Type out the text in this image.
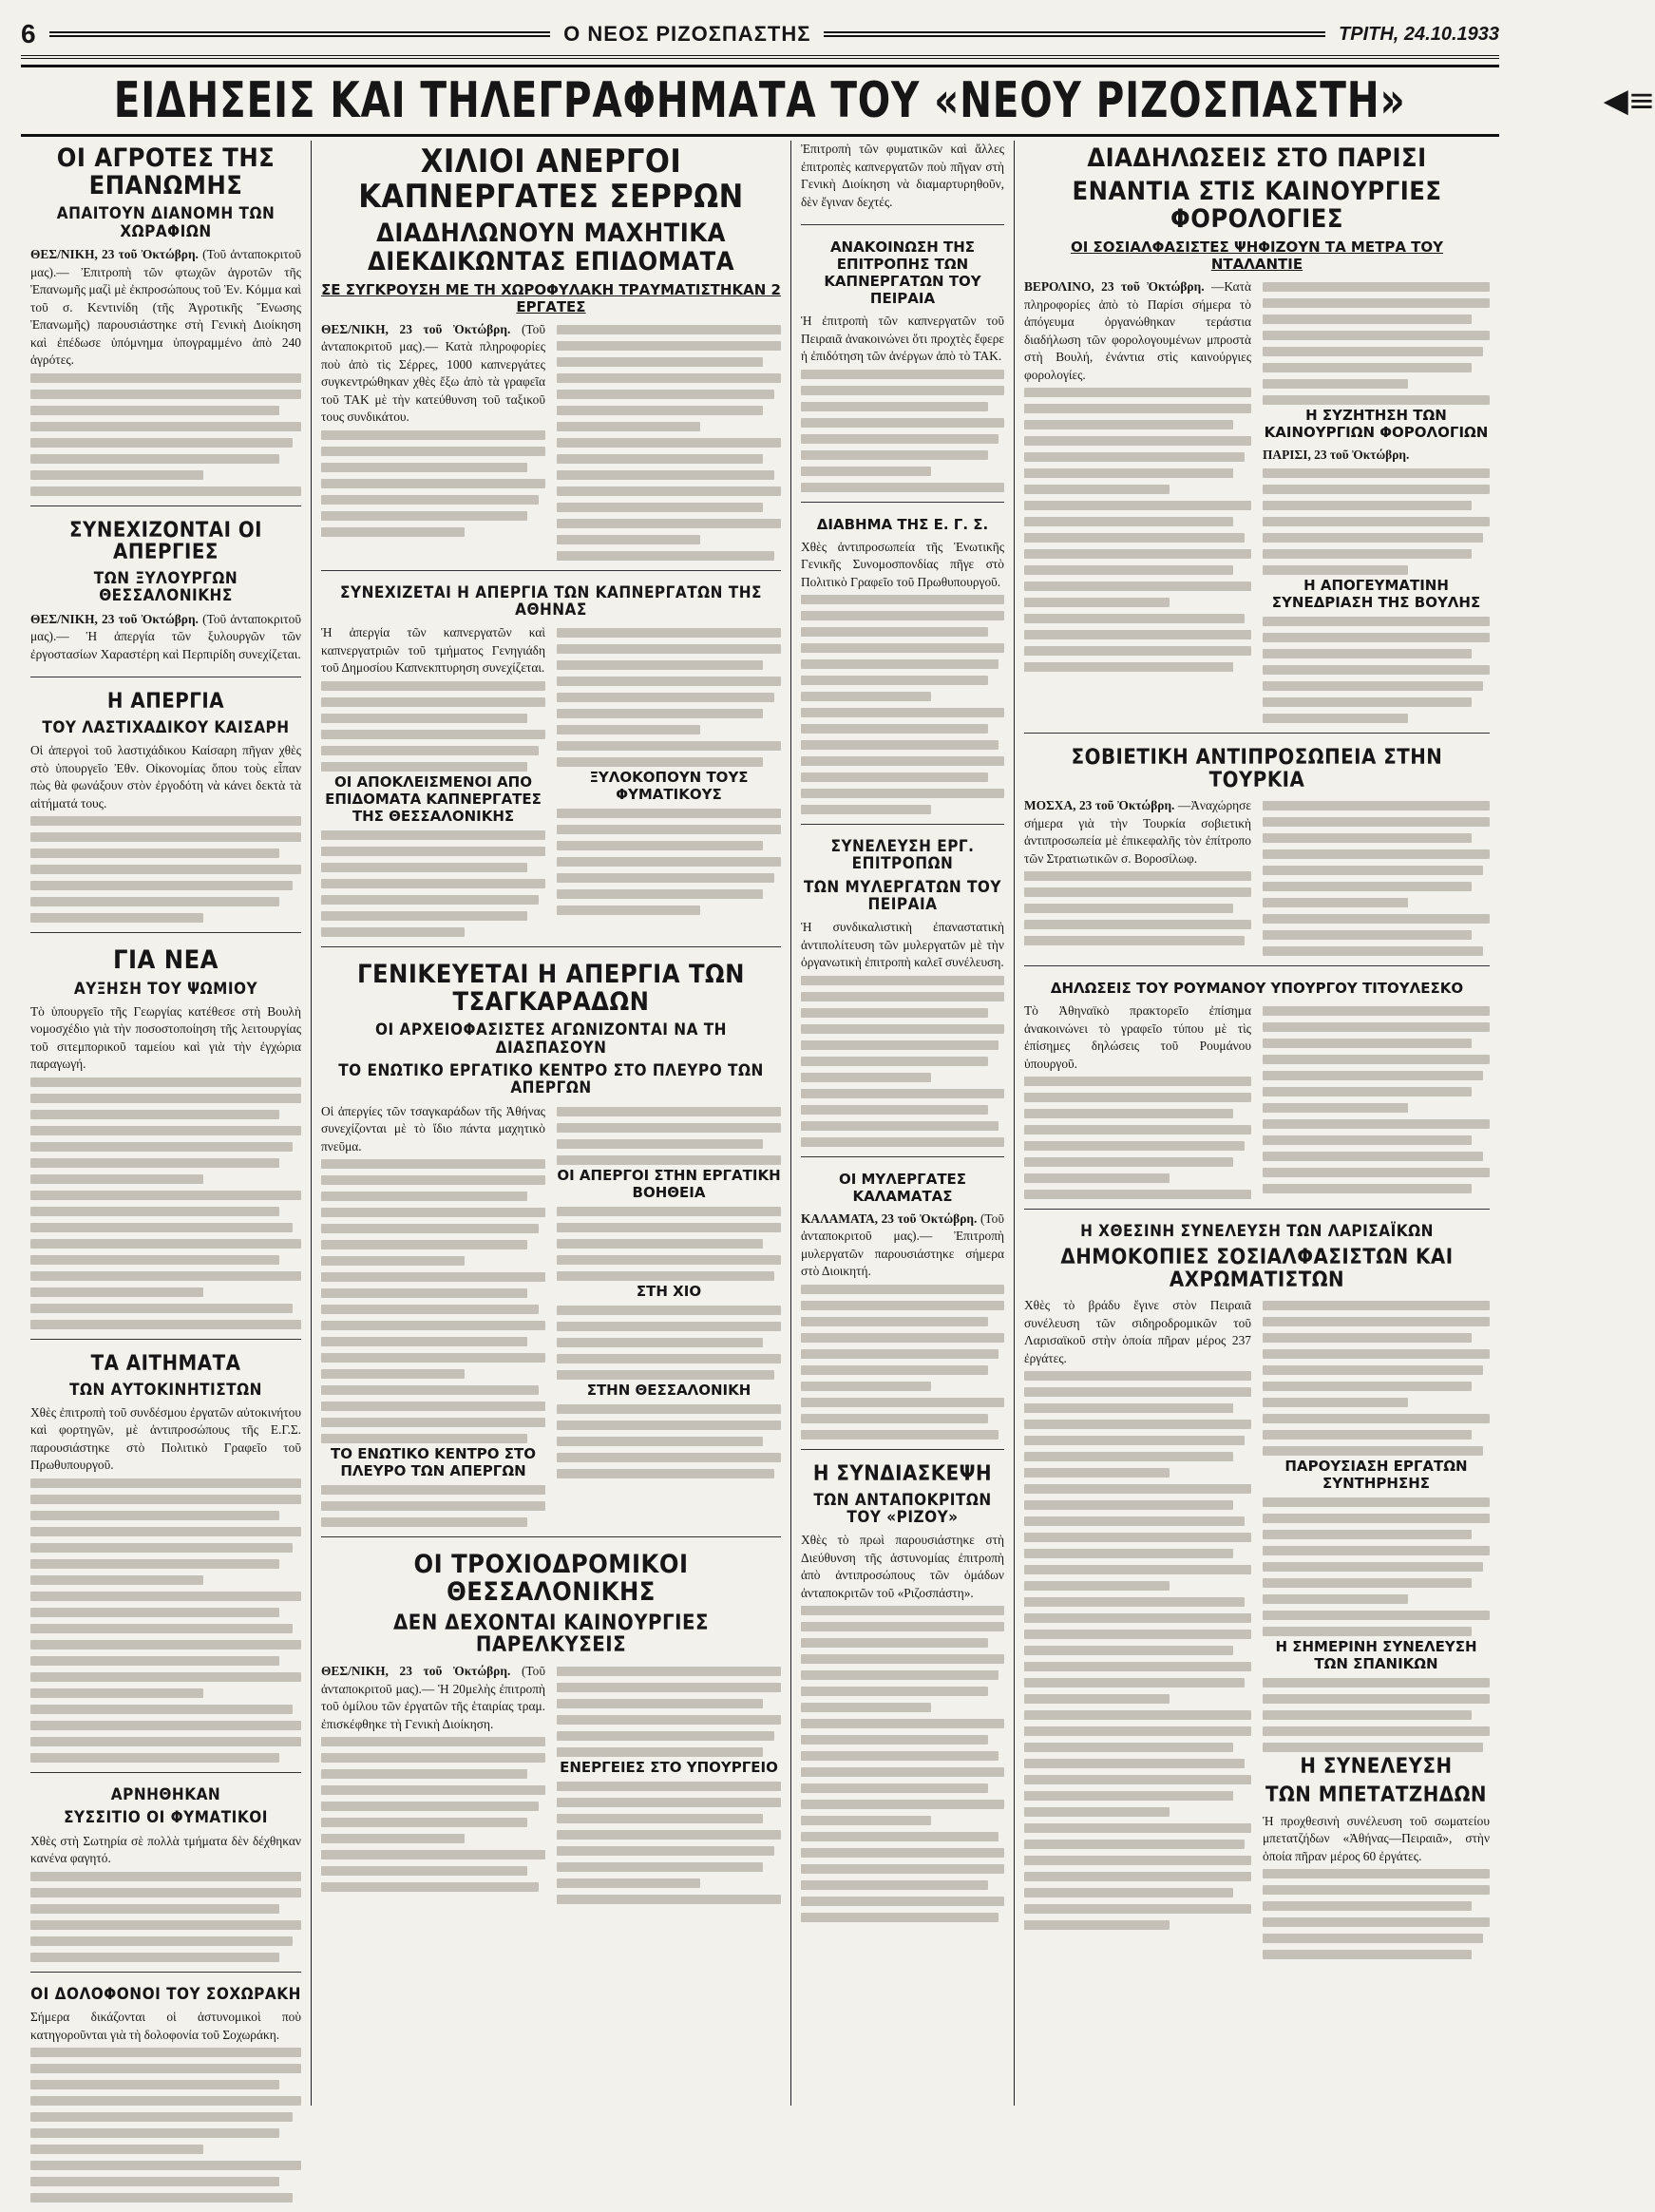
6	Ο ΝΕΟΣ ΡΙΖΟΣΠΑΣΤΗΣ	ΤΡΙΤΗ, 24.10.1933
ΕΙΔΗΣΕΙΣ ΚΑΙ ΤΗΛΕΓΡΑΦΗΜΑΤΑ ΤΟΥ «ΝΕΟΥ ΡΙΖΟΣΠΑΣΤΗ»	◀≡
ΟΙ ΑΓΡΟΤΕΣ ΤΗΣ ΕΠΑΝΩΜΗΣ
ΑΠΑΙΤΟΥΝ ΔΙΑΝΟΜΗ ΤΩΝ ΧΩΡΑΦΙΩΝ

ΘΕΣ/ΝΙΚΗ, 23 τοῦ Ὀκτώβρη. (Τοῦ ἀνταποκριτοῦ μας).— Ἐπιτροπὴ τῶν φτωχῶν ἀγροτῶν τῆς Ἐπανωμῆς μαζὶ μὲ ἐκπροσώπους τοῦ Ἐν. Κόμμα καὶ τοῦ σ. Κεντινίδη (τῆς Ἀγροτικῆς Ἕνωσης Ἐπανωμῆς) παρουσιάστηκε στὴ Γενικὴ Διοίκηση καὶ ἐπέδωσε ὑπόμνημα ὑπογραμμένο ἀπὸ 240 ἀγρότες.

ΣΥΝΕΧΙΖΟΝΤΑΙ ΟΙ ΑΠΕΡΓΙΕΣ
ΤΩΝ ΞΥΛΟΥΡΓΩΝ ΘΕΣΣΑΛΟΝΙΚΗΣ

ΘΕΣ/ΝΙΚΗ, 23 τοῦ Ὀκτώβρη. (Τοῦ ἀνταποκριτοῦ μας).— Ἡ ἀπεργία τῶν ξυλουργῶν τῶν ἐργοστασίων Χαραστέρη καὶ Περπιρίδη συνεχίζεται.

Η ΑΠΕΡΓΙΑ
ΤΟΥ ΛΑΣΤΙΧΑΔΙΚΟΥ ΚΑΙΣΑΡΗ

Οἱ ἀπεργοὶ τοῦ λαστιχάδικου Καίσαρη πῆγαν χθὲς στὸ ὑπουργεῖο Ἐθν. Οἰκονομίας ὅπου τοὺς εἶπαν πὼς θὰ φωνάξουν στὸν ἐργοδότη νὰ κάνει δεκτὰ τὰ αἰτήματά τους.

ΓΙΑ ΝΕΑ
ΑΥΞΗΣΗ ΤΟΥ ΨΩΜΙΟΥ

Τὸ ὑπουργεῖο τῆς Γεωργίας κατέθεσε στὴ Βουλὴ νομοσχέδιο γιὰ τὴν ποσοστοποίηση τῆς λειτουργίας τοῦ σιτεμπορικοῦ ταμείου καὶ γιὰ τὴν ἐγχώρια παραγωγή.

ΤΑ ΑΙΤΗΜΑΤΑ
ΤΩΝ ΑΥΤΟΚΙΝΗΤΙΣΤΩΝ

Χθὲς ἐπιτροπὴ τοῦ συνδέσμου ἐργατῶν αὐτοκινήτου καὶ φορτηγῶν, μὲ ἀντιπροσώπους τῆς Ε.Γ.Σ. παρουσιάστηκε στὸ Πολιτικὸ Γραφεῖο τοῦ Πρωθυπουργοῦ.

ΑΡΝΗΘΗΚΑΝ
ΣΥΣΣΙΤΙΟ ΟΙ ΦΥΜΑΤΙΚΟΙ

Χθὲς στὴ Σωτηρία σὲ πολλὰ τμήματα δὲν δέχθηκαν κανένα φαγητό.

ΟΙ ΔΟΛΟΦΟΝΟΙ ΤΟΥ ΣΟΧΩΡΑΚΗ

Σήμερα δικάζονται οἱ ἀστυνομικοὶ ποὺ κατηγοροῦνται γιὰ τὴ δολοφονία τοῦ Σοχωράκη.

ΧΙΛΙΟΙ ΑΝΕΡΓΟΙ ΚΑΠΝΕΡΓΑΤΕΣ ΣΕΡΡΩΝ
ΔΙΑΔΗΛΩΝΟΥΝ ΜΑΧΗΤΙΚΑ ΔΙΕΚΔΙΚΩΝΤΑΣ ΕΠΙΔΟΜΑΤΑ
ΣΕ ΣΥΓΚΡΟΥΣΗ ΜΕ ΤΗ ΧΩΡΟΦΥΛΑΚΗ ΤΡΑΥΜΑΤΙΣΤΗΚΑΝ 2 ΕΡΓΑΤΕΣ

ΘΕΣ/ΝΙΚΗ, 23 τοῦ Ὀκτώβρη. (Τοῦ ἀνταποκριτοῦ μας).— Κατὰ πληροφορίες ποὺ ἀπὸ τὶς Σέρρες, 1000 καπνεργάτες συγκεντρώθηκαν χθὲς ἔξω ἀπὸ τὰ γραφεῖα τοῦ ΤΑΚ μὲ τὴν κατεύθυνση τοῦ ταξικοῦ τους συνδικάτου.

ΣΥΝΕΧΙΖΕΤΑΙ Η ΑΠΕΡΓΙΑ ΤΩΝ ΚΑΠΝΕΡΓΑΤΩΝ ΤΗΣ ΑΘΗΝΑΣ

Ἡ ἀπεργία τῶν καπνεργατῶν καὶ καπνεργατριῶν τοῦ τμήματος Γενηγιάδη τοῦ Δημοσίου Καπνεκπτυρηση συνεχίζεται.

ΟΙ ΑΠΟΚΛΕΙΣΜΕΝΟΙ ΑΠΟ ΕΠΙΔΟΜΑΤΑ ΚΑΠΝΕΡΓΑΤΕΣ ΤΗΣ ΘΕΣΣΑΛΟΝΙΚΗΣ
ΞΥΛΟΚΟΠΟΥΝ ΤΟΥΣ ΦΥΜΑΤΙΚΟΥΣ
ΓΕΝΙΚΕΥΕΤΑΙ Η ΑΠΕΡΓΙΑ ΤΩΝ ΤΣΑΓΚΑΡΑΔΩΝ
ΟΙ ΑΡΧΕΙΟΦΑΣΙΣΤΕΣ ΑΓΩΝΙΖΟΝΤΑΙ ΝΑ ΤΗ ΔΙΑΣΠΑΣΟΥΝ
ΤΟ ΕΝΩΤΙΚΟ ΕΡΓΑΤΙΚΟ ΚΕΝΤΡΟ ΣΤΟ ΠΛΕΥΡΟ ΤΩΝ ΑΠΕΡΓΩΝ

Οἱ ἀπεργίες τῶν τσαγκαράδων τῆς Ἀθήνας συνεχίζονται μὲ τὸ ἴδιο πάντα μαχητικὸ πνεῦμα.

ΤΟ ΕΝΩΤΙΚΟ ΚΕΝΤΡΟ ΣΤΟ ΠΛΕΥΡΟ ΤΩΝ ΑΠΕΡΓΩΝ
ΟΙ ΑΠΕΡΓΟΙ ΣΤΗΝ ΕΡΓΑΤΙΚΗ ΒΟΗΘΕΙΑ
ΣΤΗ ΧΙΟ
ΣΤΗΝ ΘΕΣΣΑΛΟΝΙΚΗ
ΟΙ ΤΡΟΧΙΟΔΡΟΜΙΚΟΙ ΘΕΣΣΑΛΟΝΙΚΗΣ
ΔΕΝ ΔΕΧΟΝΤΑΙ ΚΑΙΝΟΥΡΓΙΕΣ ΠΑΡΕΛΚΥΣΕΙΣ

ΘΕΣ/ΝΙΚΗ, 23 τοῦ Ὀκτώβρη. (Τοῦ ἀνταποκριτοῦ μας).— Ἡ 20μελὴς ἐπιτροπὴ τοῦ ὁμίλου τῶν ἐργατῶν τῆς ἑταιρίας τραμ. ἐπισκέφθηκε τὴ Γενικὴ Διοίκηση.

ΕΝΕΡΓΕΙΕΣ ΣΤΟ ΥΠΟΥΡΓΕΙΟ

Ἐπιτροπὴ τῶν φυματικῶν καὶ ἄλλες ἐπιτροπὲς καπνεργατῶν ποὺ πῆγαν στὴ Γενικὴ Διοίκηση νὰ διαμαρτυρηθοῦν, δὲν ἔγιναν δεχτές.

ΑΝΑΚΟΙΝΩΣΗ ΤΗΣ ΕΠΙΤΡΟΠΗΣ ΤΩΝ ΚΑΠΝΕΡΓΑΤΩΝ ΤΟΥ ΠΕΙΡΑΙΑ

Ἡ ἐπιτροπὴ τῶν καπνεργατῶν τοῦ Πειραιᾶ ἀνακοινώνει ὅτι προχτὲς ἔφερε ἡ ἐπιδότηση τῶν ἀνέργων ἀπὸ τὸ ΤΑΚ.

ΔΙΑΒΗΜΑ ΤΗΣ Ε. Γ. Σ.

Χθὲς ἀντιπροσωπεία τῆς Ἑνωτικῆς Γενικῆς Συνομοσπονδίας πῆγε στὸ Πολιτικὸ Γραφεῖο τοῦ Πρωθυπουργοῦ.

ΣΥΝΕΛΕΥΣΗ ΕΡΓ. ΕΠΙΤΡΟΠΩΝ
ΤΩΝ ΜΥΛΕΡΓΑΤΩΝ ΤΟΥ ΠΕΙΡΑΙΑ

Ἡ συνδικαλιστικὴ ἐπαναστατικὴ ἀντιπολίτευση τῶν μυλεργατῶν μὲ τὴν ὀργανωτικὴ ἐπιτροπὴ καλεῖ συνέλευση.

ΟΙ ΜΥΛΕΡΓΑΤΕΣ ΚΑΛΑΜΑΤΑΣ

ΚΑΛΑΜΑΤΑ, 23 τοῦ Ὀκτώβρη. (Τοῦ ἀνταποκριτοῦ μας).— Ἐπιτροπὴ μυλεργατῶν παρουσιάστηκε σήμερα στὸ Διοικητή.

Η ΣΥΝΔΙΑΣΚΕΨΗ
ΤΩΝ ΑΝΤΑΠΟΚΡΙΤΩΝ ΤΟΥ «ΡΙΖΟΥ»

Χθὲς τὸ πρωὶ παρουσιάστηκε στὴ Διεύθυνση τῆς ἀστυνομίας ἐπιτροπὴ ἀπὸ ἀντιπροσώπους τῶν ὁμάδων ἀνταποκριτῶν τοῦ «Ριζοσπάστη».

ΔΙΑΔΗΛΩΣΕΙΣ ΣΤΟ ΠΑΡΙΣΙ
ΕΝΑΝΤΙΑ ΣΤΙΣ ΚΑΙΝΟΥΡΓΙΕΣ ΦΟΡΟΛΟΓΙΕΣ
ΟΙ ΣΟΣΙΑΛΦΑΣΙΣΤΕΣ ΨΗΦΙΖΟΥΝ ΤΑ ΜΕΤΡΑ ΤΟΥ ΝΤΑΛΑΝΤΙΕ

ΒΕΡΟΛΙΝΟ, 23 τοῦ Ὀκτώβρη. —Κατὰ πληροφορίες ἀπὸ τὸ Παρίσι σήμερα τὸ ἀπόγευμα ὀργανώθηκαν τεράστια διαδήλωση τῶν φορολογουμένων μπροστὰ στὴ Βουλή, ἐνάντια στὶς καινούργιες φορολογίες.

Η ΣΥΖΗΤΗΣΗ ΤΩΝ ΚΑΙΝΟΥΡΓΙΩΝ ΦΟΡΟΛΟΓΙΩΝ

ΠΑΡΙΣΙ, 23 τοῦ Ὀκτώβρη.

Η ΑΠΟΓΕΥΜΑΤΙΝΗ ΣΥΝΕΔΡΙΑΣΗ ΤΗΣ ΒΟΥΛΗΣ
ΣΟΒΙΕΤΙΚΗ ΑΝΤΙΠΡΟΣΩΠΕΙΑ ΣΤΗΝ ΤΟΥΡΚΙΑ

ΜΟΣΧΑ, 23 τοῦ Ὀκτώβρη. —Ἀναχώρησε σήμερα γιὰ τὴν Τουρκία σοβιετικὴ ἀντιπροσωπεία μὲ ἐπικεφαλῆς τὸν ἐπίτροπο τῶν Στρατιωτικῶν σ. Βοροσίλωφ.

ΔΗΛΩΣΕΙΣ ΤΟΥ ΡΟΥΜΑΝΟΥ ΥΠΟΥΡΓΟΥ ΤΙΤΟΥΛΕΣΚΟ

Τὸ Ἀθηναϊκὸ πρακτορεῖο ἐπίσημα ἀνακοινώνει τὸ γραφεῖο τύπου μὲ τὶς ἐπίσημες δηλώσεις τοῦ Ρουμάνου ὑπουργοῦ.

Η ΧΘΕΣΙΝΗ ΣΥΝΕΛΕΥΣΗ ΤΩΝ ΛΑΡΙΣΑΪΚΩΝ
ΔΗΜΟΚΟΠΙΕΣ ΣΟΣΙΑΛΦΑΣΙΣΤΩΝ ΚΑΙ ΑΧΡΩΜΑΤΙΣΤΩΝ

Χθὲς τὸ βράδυ ἔγινε στὸν Πειραιᾶ συνέλευση τῶν σιδηροδρομικῶν τοῦ Λαρισαϊκοῦ στὴν ὁποία πῆραν μέρος 237 ἐργάτες.

ΠΑΡΟΥΣΙΑΣΗ ΕΡΓΑΤΩΝ ΣΥΝΤΗΡΗΣΗΣ
Η ΣΗΜΕΡΙΝΗ ΣΥΝΕΛΕΥΣΗ ΤΩΝ ΣΠΑΝΙΚΩΝ
Η ΣΥΝΕΛΕΥΣΗ
ΤΩΝ ΜΠΕΤΑΤΖΗΔΩΝ

Ἡ προχθεσινὴ συνέλευση τοῦ σωματείου μπετατζήδων «Ἀθήνας—Πειραιᾶ», στὴν ὁποία πῆραν μέρος 60 ἐργάτες.
